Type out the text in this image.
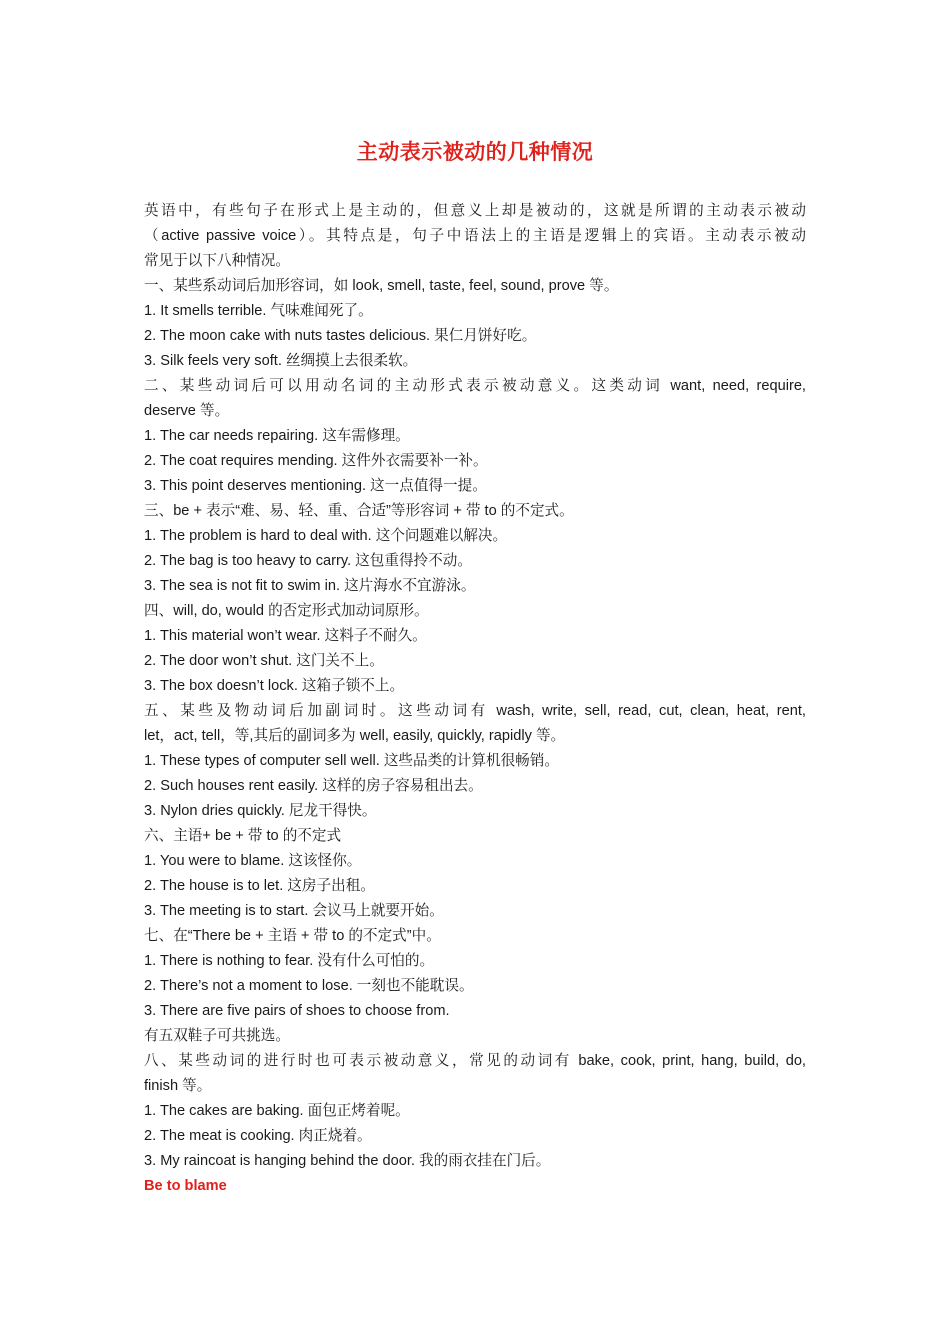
主动表示被动的几种情况
英语中，有些句子在形式上是主动的，但意义上却是被动的，这就是所谓的主动表示被动
（active passive voice）。其特点是，句子中语法上的主语是逻辑上的宾语。主动表示被动
常见于以下八种情况。
一、某些系动词后加形容词，如 look, smell, taste, feel, sound, prove 等。
1. It smells terrible. 气味难闻死了。
2. The moon cake with nuts tastes delicious. 果仁月饼好吃。
3. Silk feels very soft. 丝绸摸上去很柔软。
二、某些动词后可以用动名词的主动形式表示被动意义。这类动词 want, need, require,
deserve 等。
1. The car needs repairing. 这车需修理。
2. The coat requires mending. 这件外衣需要补一补。
3. This point deserves mentioning. 这一点值得一提。
三、be + 表示“难、易、轻、重、合适”等形容词 + 带 to 的不定式。
1. The problem is hard to deal with. 这个问题难以解决。
2. The bag is too heavy to carry. 这包重得拎不动。
3. The sea is not fit to swim in. 这片海水不宜游泳。
四、will, do, would 的否定形式加动词原形。
1. This material won’t wear. 这料子不耐久。
2. The door won’t shut. 这门关不上。
3. The box doesn’t lock. 这箱子锁不上。
五、某些及物动词后加副词时。这些动词有 wash, write, sell, read, cut, clean, heat, rent,
let，act, tell，等,其后的副词多为 well, easily, quickly, rapidly 等。
1. These types of computer sell well. 这些品类的计算机很畅销。
2. Such houses rent easily. 这样的房子容易租出去。
3. Nylon dries quickly. 尼龙干得快。
六、主语+ be + 带 to 的不定式
1. You were to blame. 这该怪你。
2. The house is to let. 这房子出租。
3. The meeting is to start. 会议马上就要开始。
七、在“There be + 主语 + 带 to 的不定式”中。
1. There is nothing to fear. 没有什么可怕的。
2. There’s not a moment to lose. 一刻也不能耽误。
3. There are five pairs of shoes to choose from.
有五双鞋子可共挑选。
八、某些动词的进行时也可表示被动意义，常见的动词有 bake, cook, print, hang, build, do,
finish 等。
1. The cakes are baking. 面包正烤着呢。
2. The meat is cooking. 肉正烧着。
3. My raincoat is hanging behind the door. 我的雨衣挂在门后。
Be to blame
